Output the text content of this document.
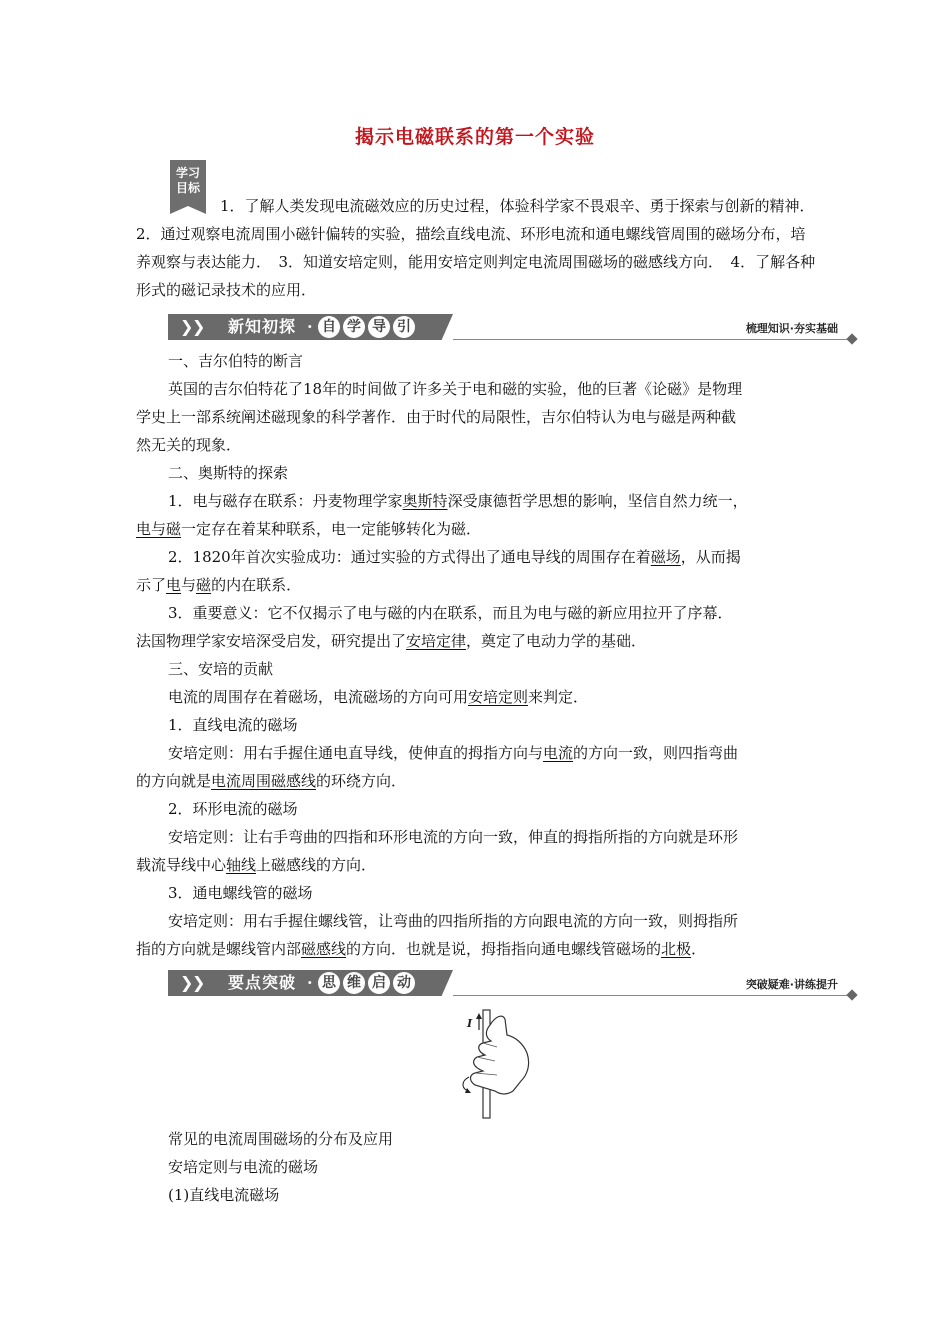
揭示电磁联系的第一个实验
学习
目标
1．了解人类发现电流磁效应的历史过程，体验科学家不畏艰辛、勇于探索与创新的精神．　2．通过观察电流周围小磁针偏转的实验，描绘直线电流、环形电流和通电螺线管周围的磁场分布，培养观察与表达能力．　3．知道安培定则，能用安培定则判定电流周围磁场的磁感线方向．　4．了解各种形式的磁记录技术的应用．
❯
❯ 新知初探 · 自 学 导 引	梳理知识·夯实基础
一、吉尔伯特的断言
英国的吉尔伯特花了18年的时间做了许多关于电和磁的实验，他的巨著《论磁》是物理
学史上一部系统阐述磁现象的科学著作．由于时代的局限性，吉尔伯特认为电与磁是两种截
然无关的现象．
二、奥斯特的探索
1．电与磁存在联系：丹麦物理学家奥斯特深受康德哲学思想的影响，坚信自然力统一，
电与磁一定存在着某种联系，电一定能够转化为磁．
2．1820年首次实验成功：通过实验的方式得出了通电导线的周围存在着磁场，从而揭
示了电与磁的内在联系．
3．重要意义：它不仅揭示了电与磁的内在联系，而且为电与磁的新应用拉开了序幕．
法国物理学家安培深受启发，研究提出了安培定律，奠定了电动力学的基础．
三、安培的贡献
电流的周围存在着磁场，电流磁场的方向可用安培定则来判定．
1．直线电流的磁场
安培定则：用右手握住通电直导线，使伸直的拇指方向与电流的方向一致，则四指弯曲
的方向就是电流周围磁感线的环绕方向．
2．环形电流的磁场
安培定则：让右手弯曲的四指和环形电流的方向一致，伸直的拇指所指的方向就是环形
载流导线中心轴线上磁感线的方向．
3．通电螺线管的磁场
安培定则：用右手握住螺线管，让弯曲的四指所指的方向跟电流的方向一致，则拇指所
指的方向就是螺线管内部磁感线的方向．也就是说，拇指指向通电螺线管磁场的北极．
❯
❯ 要点突破 · 思 维 启 动	突破疑难·讲练提升
I
常见的电流周围磁场的分布及应用
安培定则与电流的磁场
(1)直线电流磁场
